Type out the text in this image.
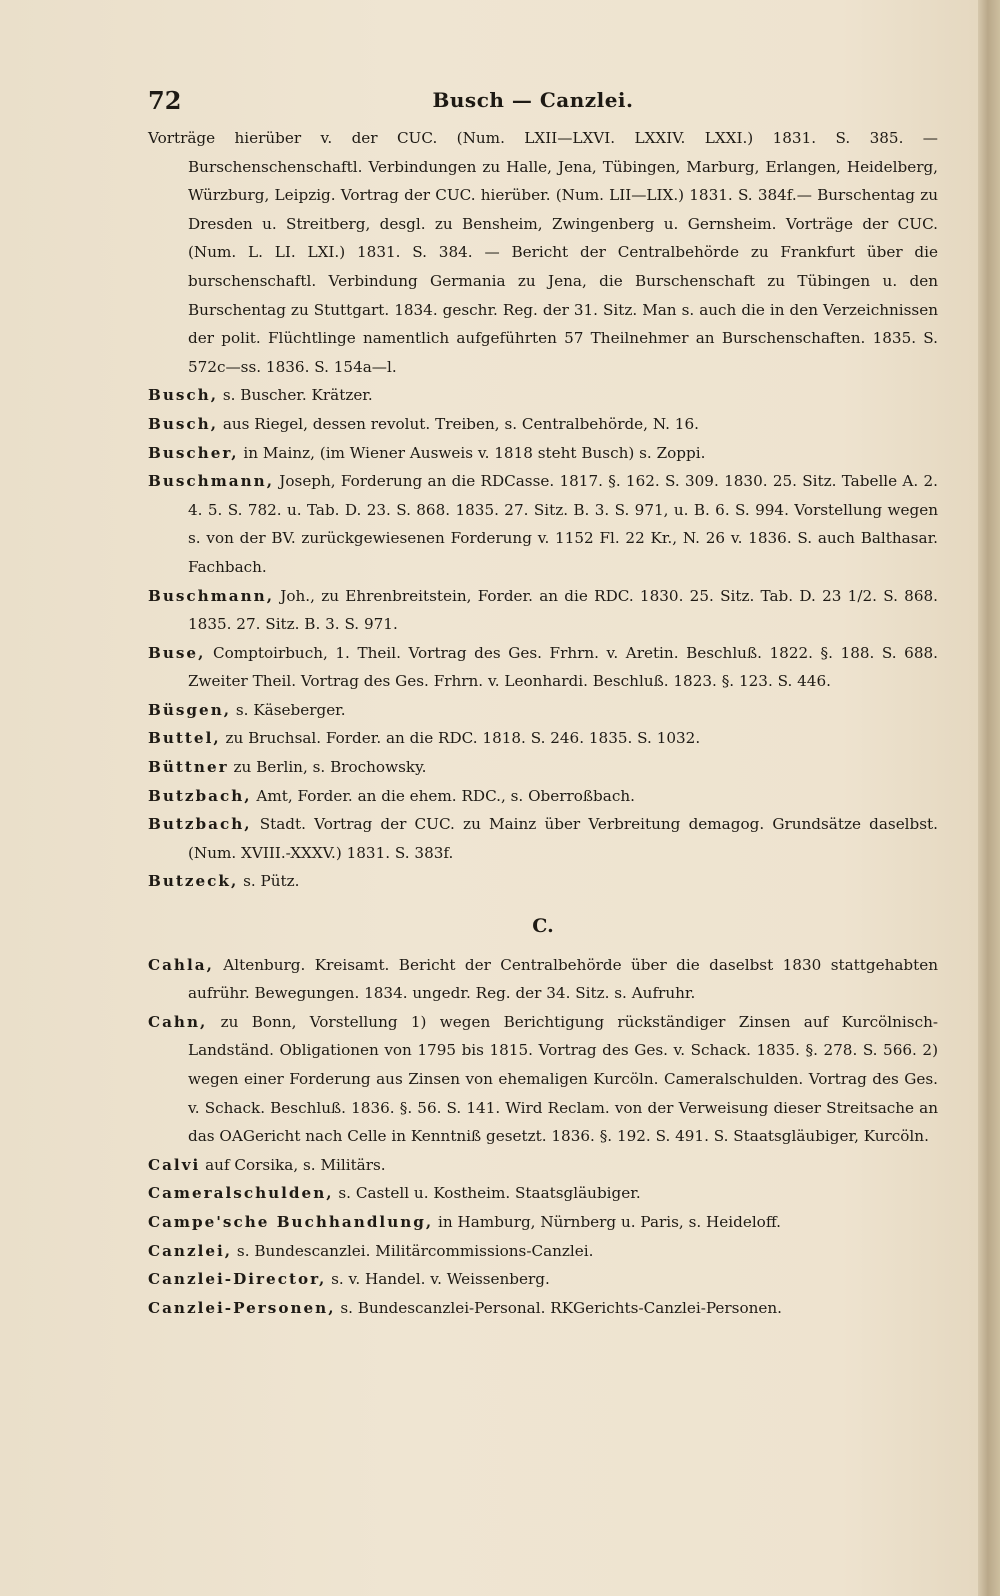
72	Busch — Canzlei.

Vorträge hierüber v. der CUC. (Num. LXII—LXVI. LXXIV. LXXI.) 1831. S. 385. — Burschenschenschaftl. Verbindungen zu Halle, Jena, Tübingen, Marburg, Erlangen, Heidelberg, Würzburg, Leipzig. Vortrag der CUC. hierüber. (Num. LII—LIX.) 1831. S. 384f.— Burschentag zu Dresden u. Streitberg, desgl. zu Bensheim, Zwingenberg u. Gernsheim. Vorträge der CUC. (Num. L. LI. LXI.) 1831. S. 384. — Bericht der Centralbehörde zu Frankfurt über die burschenschaftl. Verbindung Germania zu Jena, die Burschenschaft zu Tübingen u. den Burschentag zu Stuttgart. 1834. geschr. Reg. der 31. Sitz. Man s. auch die in den Verzeichnissen der polit. Flüchtlinge namentlich aufgeführten 57 Theilnehmer an Burschenschaften. 1835. S. 572c—ss. 1836. S. 154a—l.

Busch, s. Buscher. Krätzer.

Busch, aus Riegel, dessen revolut. Treiben, s. Centralbehörde, N. 16.

Buscher, in Mainz, (im Wiener Ausweis v. 1818 steht Busch) s. Zoppi.

Buschmann, Joseph, Forderung an die RDCasse. 1817. §. 162. S. 309. 1830. 25. Sitz. Tabelle A. 2. 4. 5. S. 782. u. Tab. D. 23. S. 868. 1835. 27. Sitz. B. 3. S. 971, u. B. 6. S. 994. Vorstellung wegen s. von der BV. zurückgewiesenen Forderung v. 1152 Fl. 22 Kr., N. 26 v. 1836. S. auch Balthasar. Fachbach.

Buschmann, Joh., zu Ehrenbreitstein, Forder. an die RDC. 1830. 25. Sitz. Tab. D. 23 1/2. S. 868. 1835. 27. Sitz. B. 3. S. 971.

Buse, Comptoirbuch, 1. Theil. Vortrag des Ges. Frhrn. v. Aretin. Beschluß. 1822. §. 188. S. 688. Zweiter Theil. Vortrag des Ges. Frhrn. v. Leonhardi. Beschluß. 1823. §. 123. S. 446.

Büsgen, s. Käseberger.

Buttel, zu Bruchsal. Forder. an die RDC. 1818. S. 246. 1835. S. 1032.

Büttner zu Berlin, s. Brochowsky.

Butzbach, Amt, Forder. an die ehem. RDC., s. Oberroßbach.

Butzbach, Stadt. Vortrag der CUC. zu Mainz über Verbreitung demagog. Grundsätze daselbst. (Num. XVIII.-XXXV.) 1831. S. 383f.

Butzeck, s. Pütz.

C.

Cahla, Altenburg. Kreisamt. Bericht der Centralbehörde über die daselbst 1830 stattgehabten aufrühr. Bewegungen. 1834. ungedr. Reg. der 34. Sitz. s. Aufruhr.

Cahn, zu Bonn, Vorstellung 1) wegen Berichtigung rückständiger Zinsen auf Kurcölnisch-Landständ. Obligationen von 1795 bis 1815. Vortrag des Ges. v. Schack. 1835. §. 278. S. 566. 2) wegen einer Forderung aus Zinsen von ehemaligen Kurcöln. Cameralschulden. Vortrag des Ges. v. Schack. Beschluß. 1836. §. 56. S. 141. Wird Reclam. von der Verweisung dieser Streitsache an das OAGericht nach Celle in Kenntniß gesetzt. 1836. §. 192. S. 491. S. Staatsgläubiger, Kurcöln.

Calvi auf Corsika, s. Militärs.

Cameralschulden, s. Castell u. Kostheim. Staatsgläubiger.

Campe'sche Buchhandlung, in Hamburg, Nürnberg u. Paris, s. Heideloff.

Canzlei, s. Bundescanzlei. Militärcommissions-Canzlei.

Canzlei-Director, s. v. Handel. v. Weissenberg.

Canzlei-Personen, s. Bundescanzlei-Personal. RKGerichts-Canzlei-Personen.
